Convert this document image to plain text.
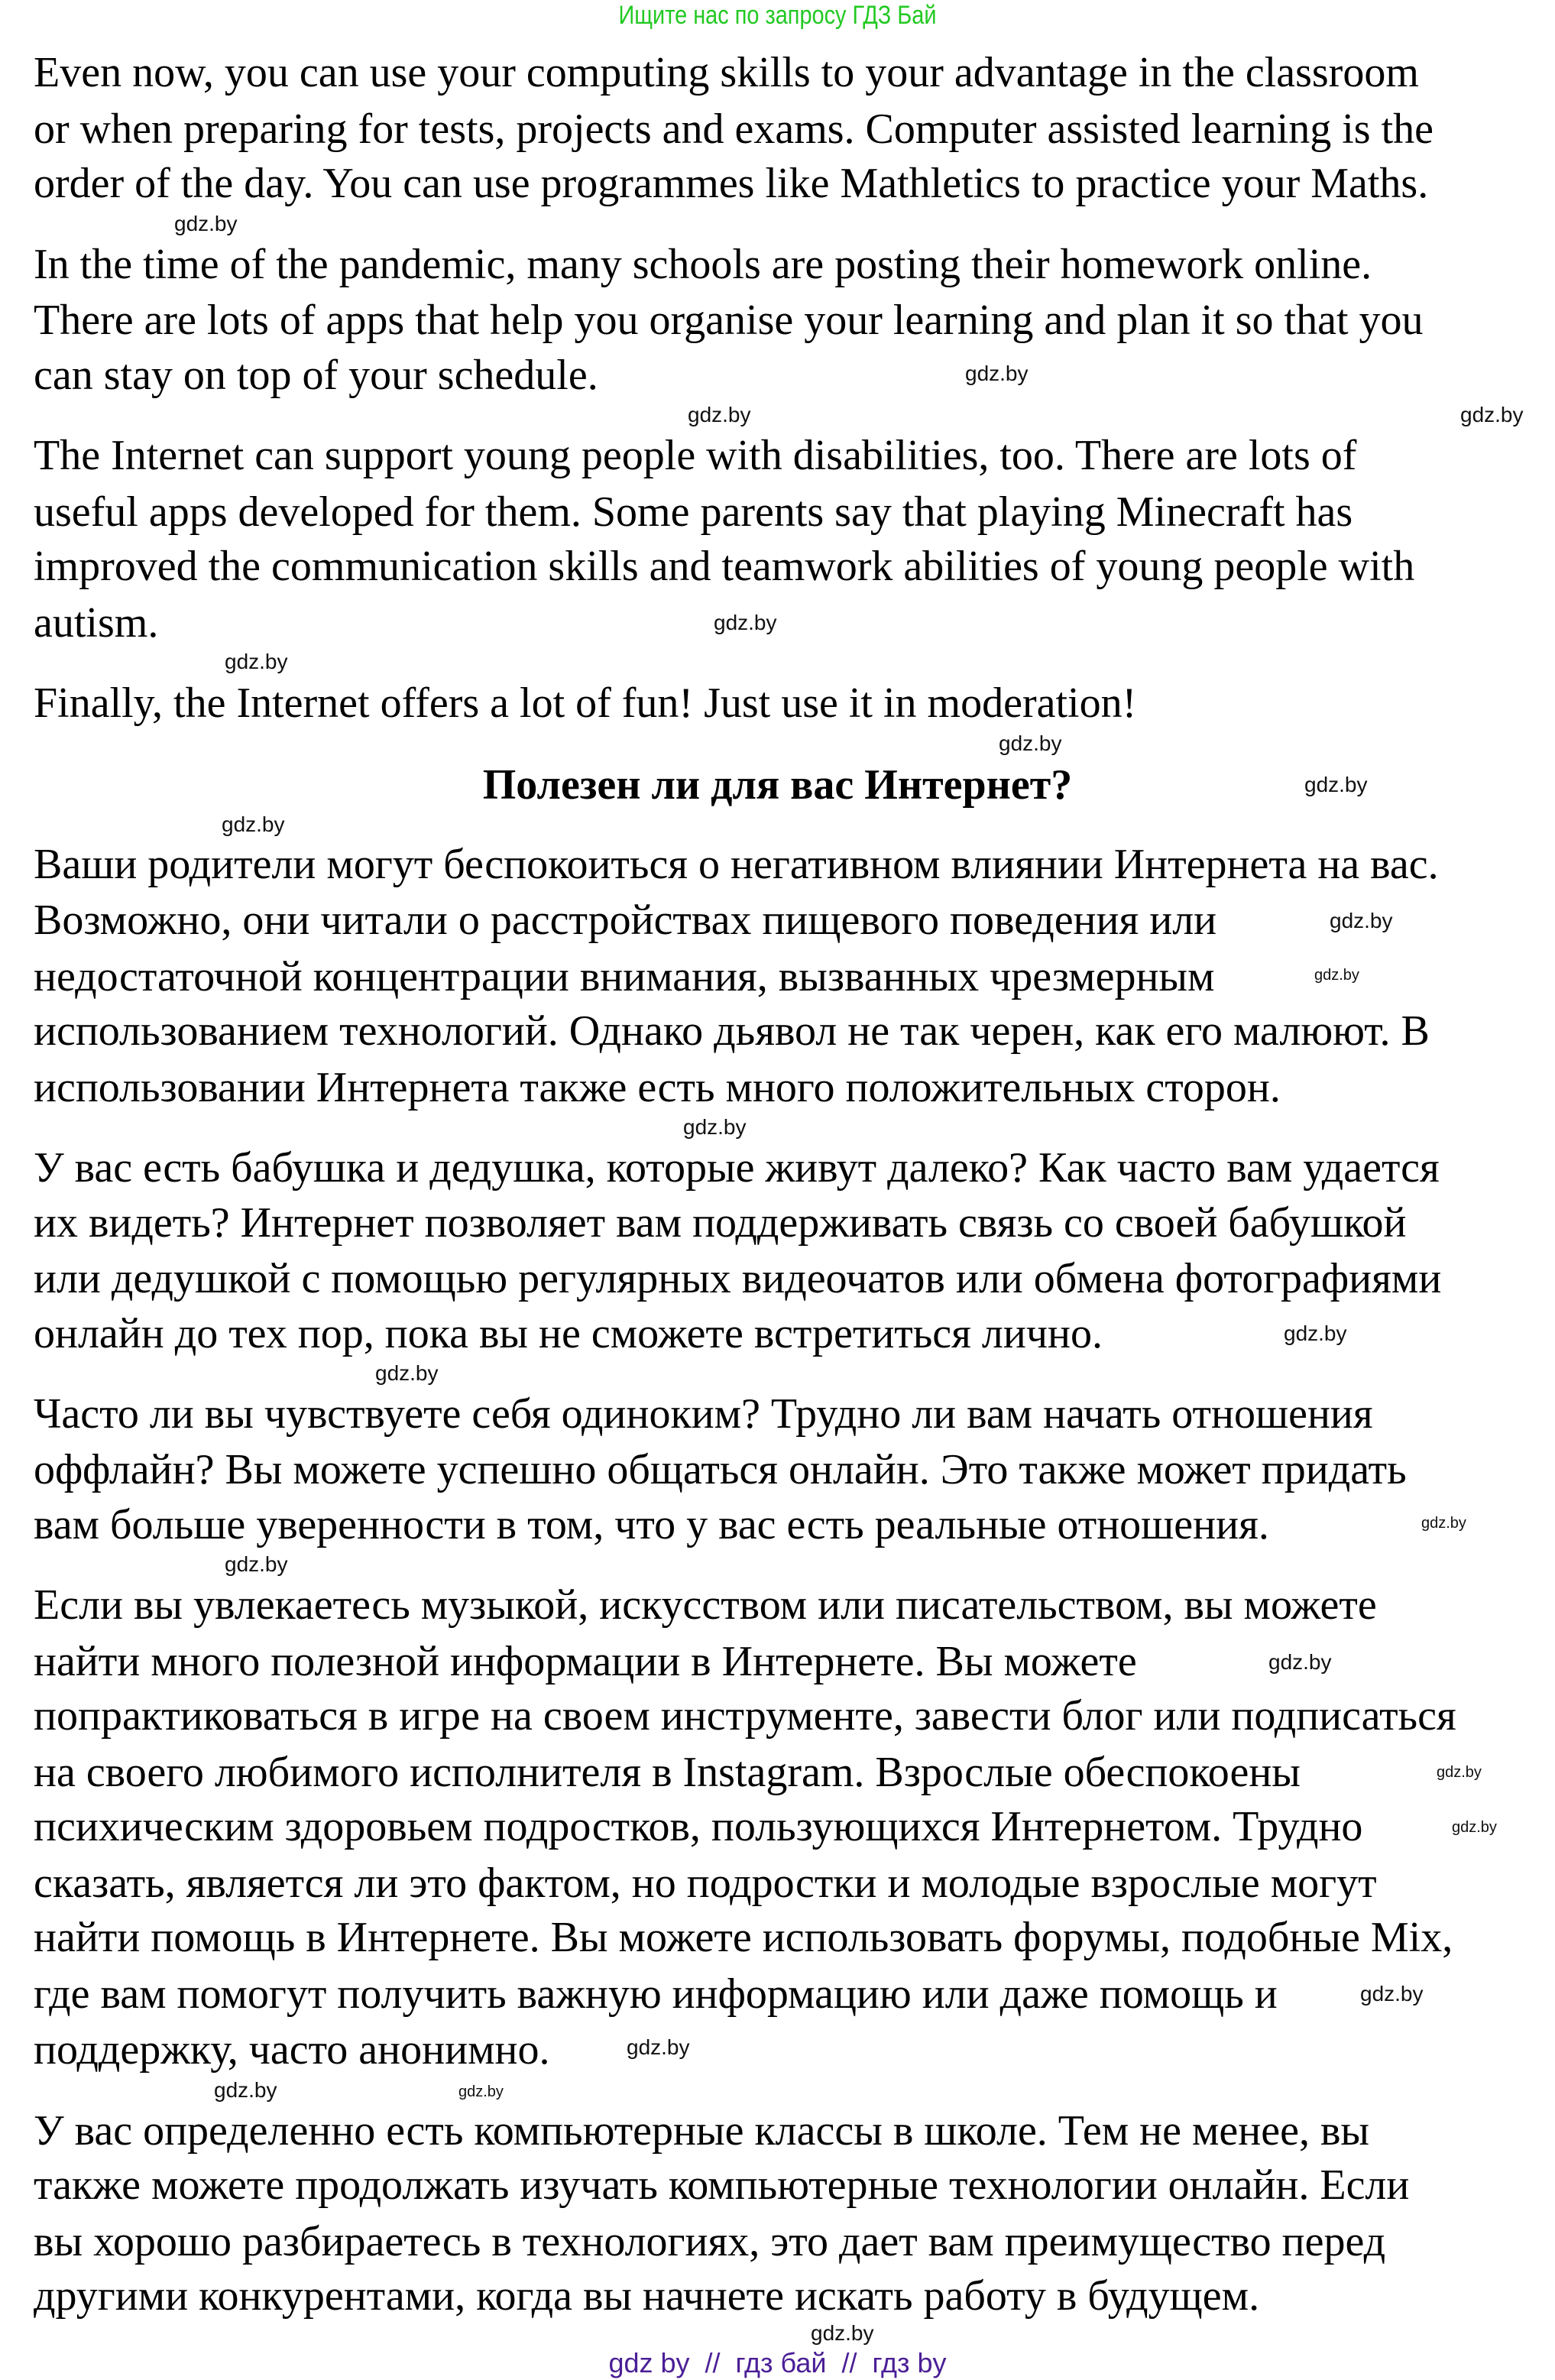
Ищите нас по запросу ГДЗ Бай
Even now, you can use your computing skills to your advantage in the classroom
or when preparing for tests, projects and exams. Computer assisted learning is the
order of the day. You can use programmes like Mathletics to practice your Maths.
In the time of the pandemic, many schools are posting their homework online.
There are lots of apps that help you organise your learning and plan it so that you
can stay on top of your schedule.
The Internet can support young people with disabilities, too. There are lots of
useful apps developed for them. Some parents say that playing Minecraft has
improved the communication skills and teamwork abilities of young people with
autism.
Finally, the Internet offers a lot of fun! Just use it in moderation!
Полезен ли для вас Интернет?
Ваши родители могут беспокоиться о негативном влиянии Интернета на вас.
Возможно, они читали о расстройствах пищевого поведения или
недостаточной концентрации внимания, вызванных чрезмерным
использованием технологий. Однако дьявол не так черен, как его малюют. В
использовании Интернета также есть много положительных сторон.
У вас есть бабушка и дедушка, которые живут далеко? Как часто вам удается
их видеть? Интернет позволяет вам поддерживать связь со своей бабушкой
или дедушкой с помощью регулярных видеочатов или обмена фотографиями
онлайн до тех пор, пока вы не сможете встретиться лично.
Часто ли вы чувствуете себя одиноким? Трудно ли вам начать отношения
оффлайн? Вы можете успешно общаться онлайн. Это также может придать
вам больше уверенности в том, что у вас есть реальные отношения.
Если вы увлекаетесь музыкой, искусством или писательством, вы можете
найти много полезной информации в Интернете. Вы можете
попрактиковаться в игре на своем инструменте, завести блог или подписаться
на своего любимого исполнителя в Instagram. Взрослые обеспокоены
психическим здоровьем подростков, пользующихся Интернетом. Трудно
сказать, является ли это фактом, но подростки и молодые взрослые могут
найти помощь в Интернете. Вы можете использовать форумы, подобные Mix,
где вам помогут получить важную информацию или даже помощь и
поддержку, часто анонимно.
У вас определенно есть компьютерные классы в школе. Тем не менее, вы
также можете продолжать изучать компьютерные технологии онлайн. Если
вы хорошо разбираетесь в технологиях, это дает вам преимущество перед
другими конкурентами, когда вы начнете искать работу в будущем.
gdz.by
gdz.by
gdz.by
gdz.by
gdz.by
gdz.by
gdz.by
gdz.by
gdz.by
gdz.by
gdz.by
gdz.by
gdz.by
gdz.by
gdz.by
gdz.by
gdz.by
gdz.by
gdz.by
gdz.by
gdz.by
gdz.by
gdz.by
gdz.by
gdz by  //  гдз бай  //  гдз by
